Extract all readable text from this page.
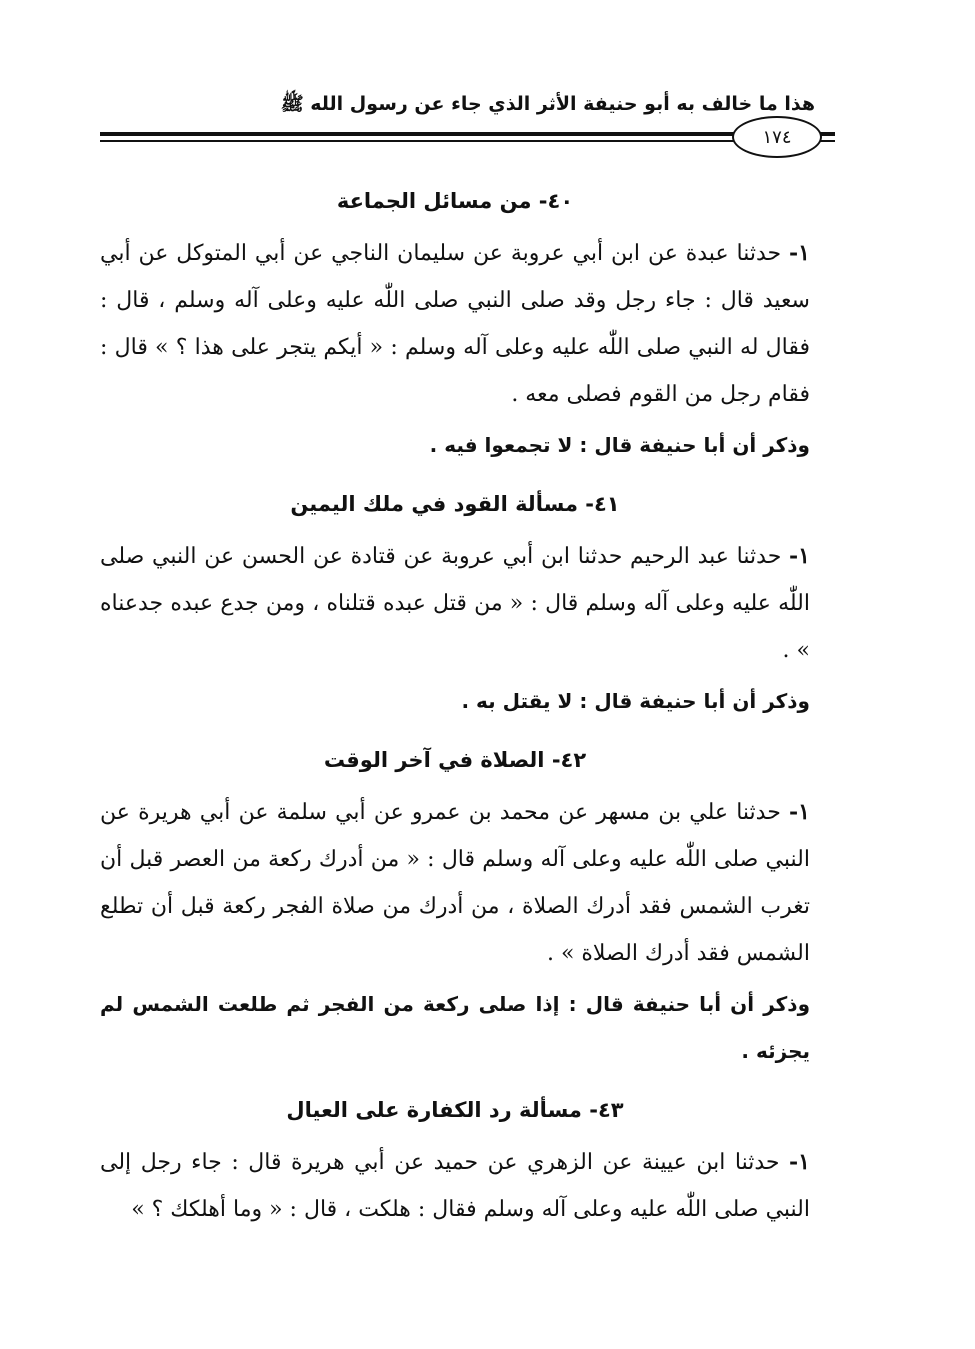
هذا ما خالف به أبو حنيفة الأثر الذي جاء عن رسول الله ﷺ
١٧٤
٤٠- من مسائل الجماعة

١- حدثنا عبدة عن ابن أبي عروبة عن سليمان الناجي عن أبي المتوكل عن أبي سعيد قال : جاء رجل وقد صلى النبي صلى اللّٰه عليه وعلى آله وسلم ، قال : فقال له النبي صلى اللّٰه عليه وعلى آله وسلم : « أيكم يتجر على هذا ؟ » قال : فقام رجل من القوم فصلى معه .

وذكر أن أبا حنيفة قال : لا تجمعوا فيه .

٤١- مسألة القود في ملك اليمين

١- حدثنا عبد الرحيم حدثنا ابن أبي عروبة عن قتادة عن الحسن عن النبي صلى اللّٰه عليه وعلى آله وسلم قال : « من قتل عبده قتلناه ، ومن جدع عبده جدعناه » .

وذكر أن أبا حنيفة قال : لا يقتل به .

٤٢- الصلاة في آخر الوقت

١- حدثنا علي بن مسهر عن محمد بن عمرو عن أبي سلمة عن أبي هريرة عن النبي صلى اللّٰه عليه وعلى آله وسلم قال : « من أدرك ركعة من العصر قبل أن تغرب الشمس فقد أدرك الصلاة ، من أدرك من صلاة الفجر ركعة قبل أن تطلع الشمس فقد أدرك الصلاة » .

وذكر أن أبا حنيفة قال : إذا صلى ركعة من الفجر ثم طلعت الشمس لم يجزئه .

٤٣- مسألة رد الكفارة على العيال

١- حدثنا ابن عيينة عن الزهري عن حميد عن أبي هريرة قال : جاء رجل إلى النبي صلى اللّٰه عليه وعلى آله وسلم فقال : هلكت ، قال : « وما أهلكك ؟ »
